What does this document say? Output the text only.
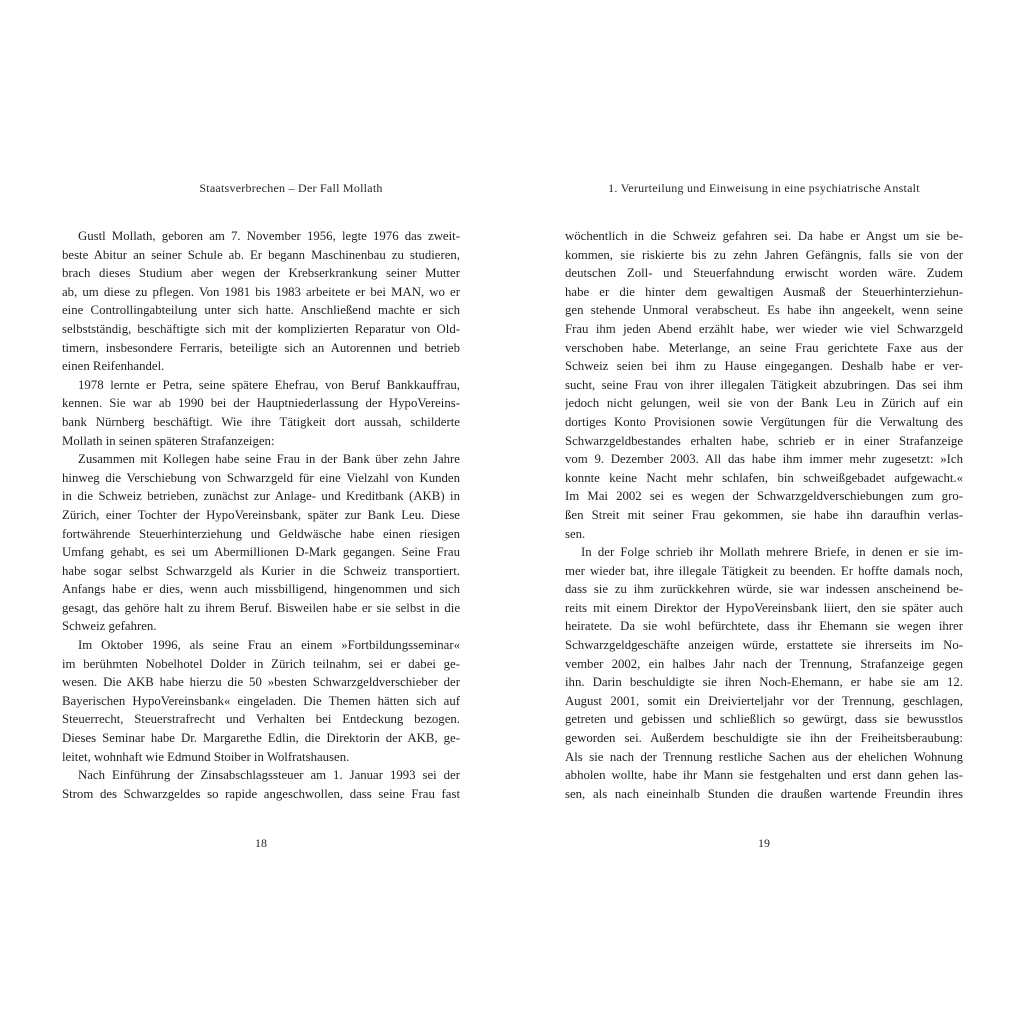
Staatsverbrechen – Der Fall Mollath	1. Verurteilung und Einweisung in eine psychiatrische Anstalt
Gustl Mollath, geboren am 7. November 1956, legte 1976 das zweit-
beste Abitur an seiner Schule ab. Er begann Maschinenbau zu studieren,
brach dieses Studium aber wegen der Krebserkrankung seiner Mutter
ab, um diese zu pflegen. Von 1981 bis 1983 arbeitete er bei MAN, wo er
eine Controllingabteilung unter sich hatte. Anschließend machte er sich
selbstständig, beschäftigte sich mit der komplizierten Reparatur von Old-
timern, insbesondere Ferraris, beteiligte sich an Autorennen und betrieb
einen Reifenhandel.
1978 lernte er Petra, seine spätere Ehefrau, von Beruf Bankkauffrau,
kennen. Sie war ab 1990 bei der Hauptniederlassung der HypoVereins-
bank Nürnberg beschäftigt. Wie ihre Tätigkeit dort aussah, schilderte
Mollath in seinen späteren Strafanzeigen:
Zusammen mit Kollegen habe seine Frau in der Bank über zehn Jahre
hinweg die Verschiebung von Schwarzgeld für eine Vielzahl von Kunden
in die Schweiz betrieben, zunächst zur Anlage- und Kreditbank (AKB) in
Zürich, einer Tochter der HypoVereinsbank, später zur Bank Leu. Diese
fortwährende Steuerhinterziehung und Geldwäsche habe einen riesigen
Umfang gehabt, es sei um Abermillionen D-Mark gegangen. Seine Frau
habe sogar selbst Schwarzgeld als Kurier in die Schweiz transportiert.
Anfangs habe er dies, wenn auch missbilligend, hingenommen und sich
gesagt, das gehöre halt zu ihrem Beruf. Bisweilen habe er sie selbst in die
Schweiz gefahren.
Im Oktober 1996, als seine Frau an einem »Fortbildungsseminar«
im berühmten Nobelhotel Dolder in Zürich teilnahm, sei er dabei ge-
wesen. Die AKB habe hierzu die 50 »besten Schwarzgeldverschieber der
Bayerischen HypoVereinsbank« eingeladen. Die Themen hätten sich auf
Steuerrecht, Steuerstrafrecht und Verhalten bei Entdeckung bezogen.
Dieses Seminar habe Dr. Margarethe Edlin, die Direktorin der AKB, ge-
leitet, wohnhaft wie Edmund Stoiber in Wolfratshausen.
Nach Einführung der Zinsabschlagssteuer am 1. Januar 1993 sei der
Strom des Schwarzgeldes so rapide angeschwollen, dass seine Frau fast
wöchentlich in die Schweiz gefahren sei. Da habe er Angst um sie be-
kommen, sie riskierte bis zu zehn Jahren Gefängnis, falls sie von der
deutschen Zoll- und Steuerfahndung erwischt worden wäre. Zudem
habe er die hinter dem gewaltigen Ausmaß der Steuerhinterziehun-
gen stehende Unmoral verabscheut. Es habe ihn angeekelt, wenn seine
Frau ihm jeden Abend erzählt habe, wer wieder wie viel Schwarzgeld
verschoben habe. Meterlange, an seine Frau gerichtete Faxe aus der
Schweiz seien bei ihm zu Hause eingegangen. Deshalb habe er ver-
sucht, seine Frau von ihrer illegalen Tätigkeit abzubringen. Das sei ihm
jedoch nicht gelungen, weil sie von der Bank Leu in Zürich auf ein
dortiges Konto Provisionen sowie Vergütungen für die Verwaltung des
Schwarzgeldbestandes erhalten habe, schrieb er in einer Strafanzeige
vom 9. Dezember 2003. All das habe ihm immer mehr zugesetzt: »Ich
konnte keine Nacht mehr schlafen, bin schweißgebadet aufgewacht.«
Im Mai 2002 sei es wegen der Schwarzgeldverschiebungen zum gro-
ßen Streit mit seiner Frau gekommen, sie habe ihn daraufhin verlas-
sen.
In der Folge schrieb ihr Mollath mehrere Briefe, in denen er sie im-
mer wieder bat, ihre illegale Tätigkeit zu beenden. Er hoffte damals noch,
dass sie zu ihm zurückkehren würde, sie war indessen anscheinend be-
reits mit einem Direktor der HypoVereinsbank liiert, den sie später auch
heiratete. Da sie wohl befürchtete, dass ihr Ehemann sie wegen ihrer
Schwarzgeldgeschäfte anzeigen würde, erstattete sie ihrerseits im No-
vember 2002, ein halbes Jahr nach der Trennung, Strafanzeige gegen
ihn. Darin beschuldigte sie ihren Noch-Ehemann, er habe sie am 12.
August 2001, somit ein Dreivierteljahr vor der Trennung, geschlagen,
getreten und gebissen und schließlich so gewürgt, dass sie bewusstlos
geworden sei. Außerdem beschuldigte sie ihn der Freiheitsberaubung:
Als sie nach der Trennung restliche Sachen aus der ehelichen Wohnung
abholen wollte, habe ihr Mann sie festgehalten und erst dann gehen las-
sen, als nach eineinhalb Stunden die draußen wartende Freundin ihres
18	19
